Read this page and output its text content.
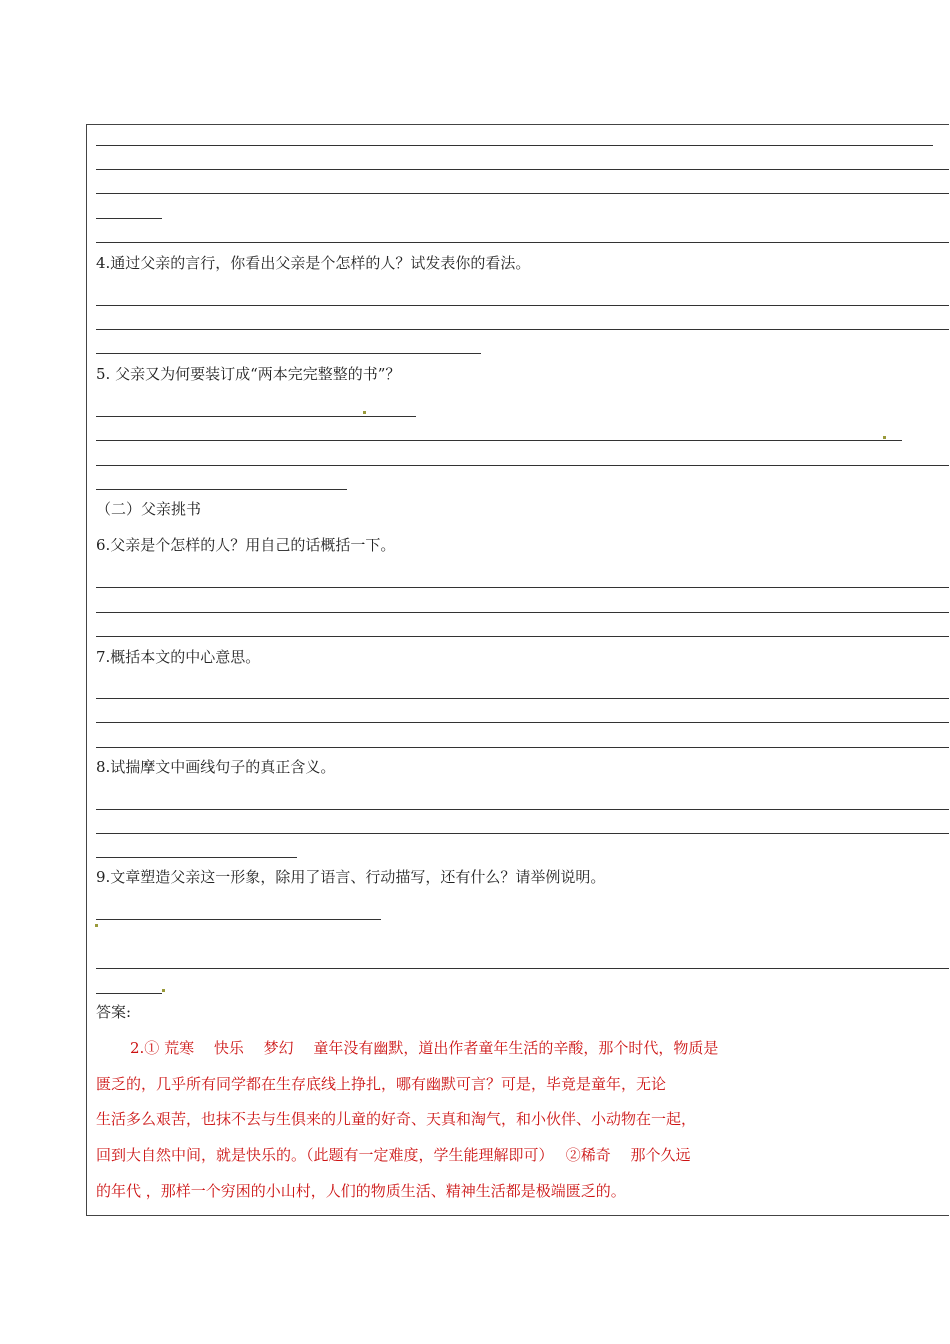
4.通过父亲的言行，你看出父亲是个怎样的人？试发表你的看法。
5. 父亲又为何要装订成“两本完完整整的书”？
（二）父亲挑书
6.父亲是个怎样的人？用自己的话概括一下。
7.概括本文的中心意思。
8.试揣摩文中画线句子的真正含义。
9.文章塑造父亲这一形象，除用了语言、行动描写，还有什么？请举例说明。
答案:
2.① 荒寒　 快乐　 梦幻　 童年没有幽默，道出作者童年生活的辛酸，那个时代，物质是
匮乏的，几乎所有同学都在生存底线上挣扎，哪有幽默可言？可是，毕竟是童年，无论
生活多么艰苦，也抹不去与生俱来的儿童的好奇、天真和淘气，和小伙伴、小动物在一起，
回到大自然中间，就是快乐的。（此题有一定难度，学生能理解即可）　 ②稀奇　 那个久远
的年代 ，那样一个穷困的小山村，人们的物质生活、精神生活都是极端匮乏的。
